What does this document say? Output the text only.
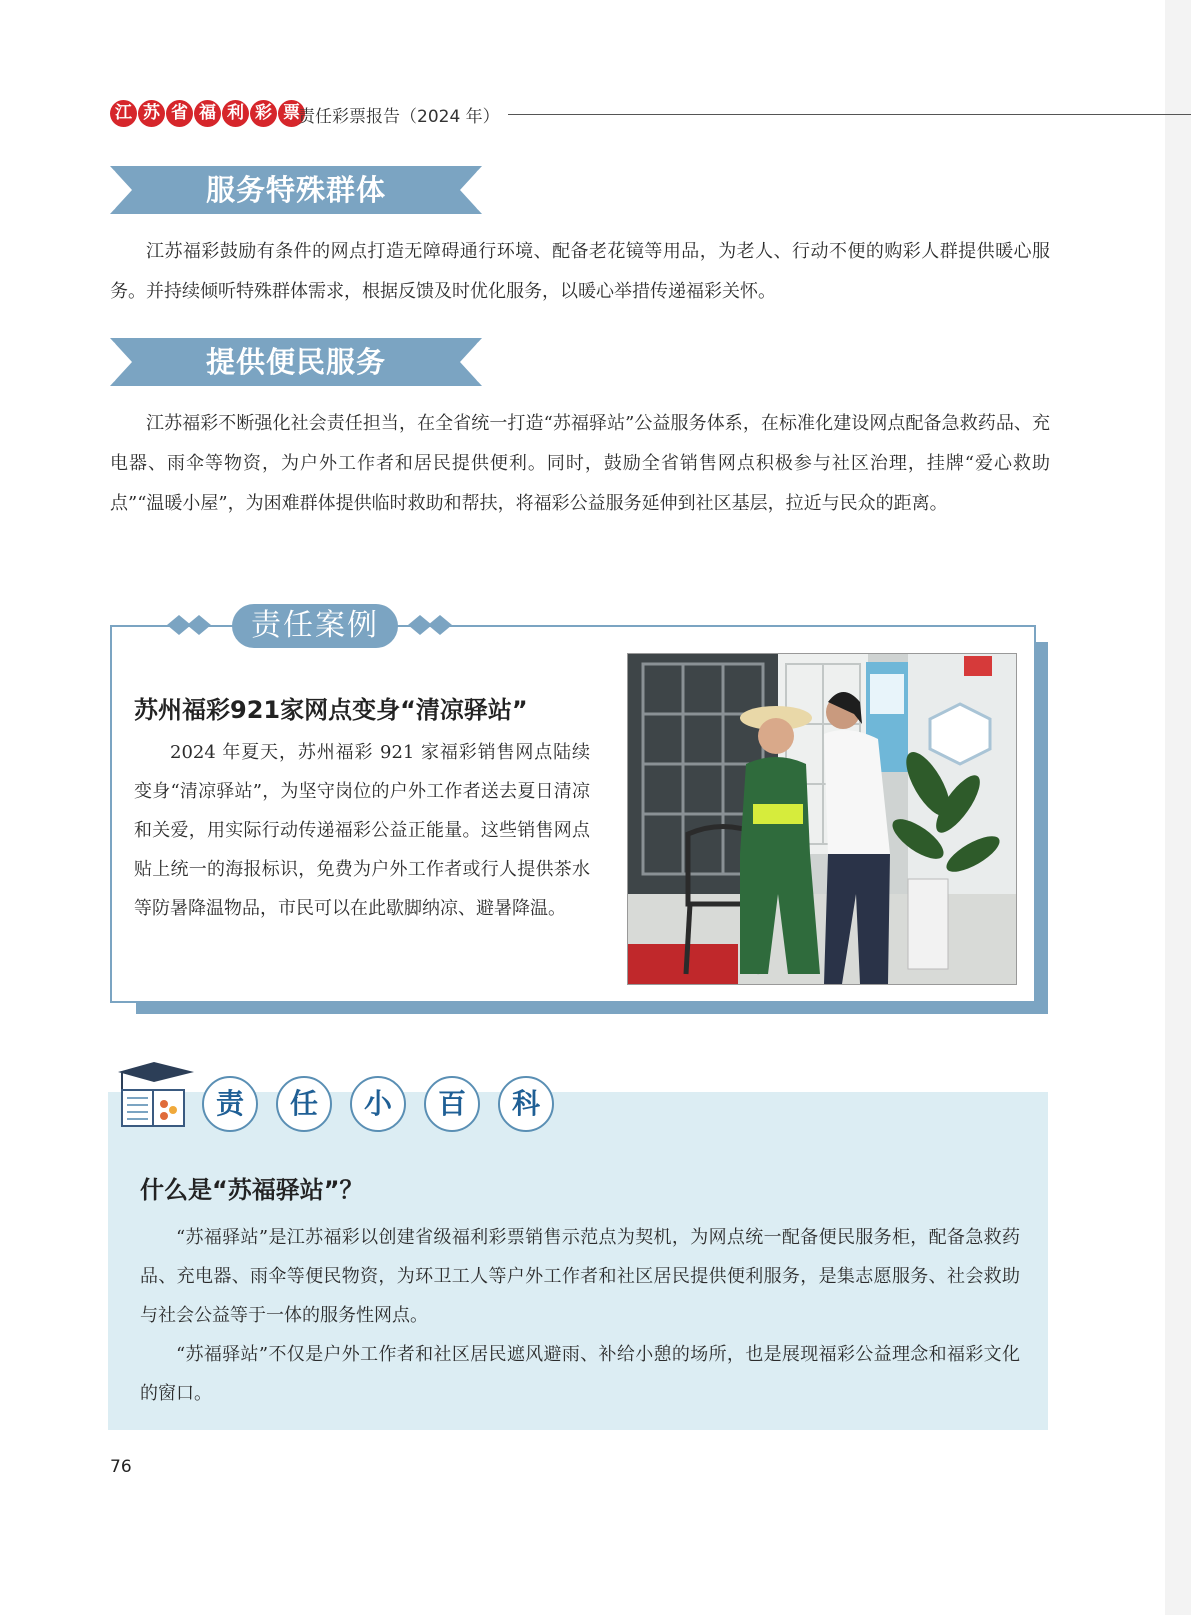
江 苏 省 福 利 彩 票
责任彩票报告（2024 年）
服务特殊群体

江苏福彩鼓励有条件的网点打造无障碍通行环境、配备老花镜等用品，为老人、行动不便的购彩人群提供暖心服务。并持续倾听特殊群体需求，根据反馈及时优化服务，以暖心举措传递福彩关怀。

提供便民服务

江苏福彩不断强化社会责任担当，在全省统一打造“苏福驿站”公益服务体系，在标准化建设网点配备急救药品、充电器、雨伞等物资，为户外工作者和居民提供便利。同时，鼓励全省销售网点积极参与社区治理，挂牌“爱心救助点”“温暖小屋”，为困难群体提供临时救助和帮扶，将福彩公益服务延伸到社区基层，拉近与民众的距离。

责任案例
苏州福彩921家网点变身“清凉驿站”

2024 年夏天，苏州福彩 921 家福彩销售网点陆续变身“清凉驿站”，为坚守岗位的户外工作者送去夏日清凉和关爱，用实际行动传递福彩公益正能量。这些销售网点贴上统一的海报标识，免费为户外工作者或行人提供茶水等防暑降温物品，市民可以在此歇脚纳凉、避暑降温。

责	任	小	百	科
什么是“苏福驿站”？

“苏福驿站”是江苏福彩以创建省级福利彩票销售示范点为契机，为网点统一配备便民服务柜，配备急救药品、充电器、雨伞等便民物资，为环卫工人等户外工作者和社区居民提供便利服务，是集志愿服务、社会救助与社会公益等于一体的服务性网点。

“苏福驿站”不仅是户外工作者和社区居民遮风避雨、补给小憩的场所，也是展现福彩公益理念和福彩文化的窗口。

76
